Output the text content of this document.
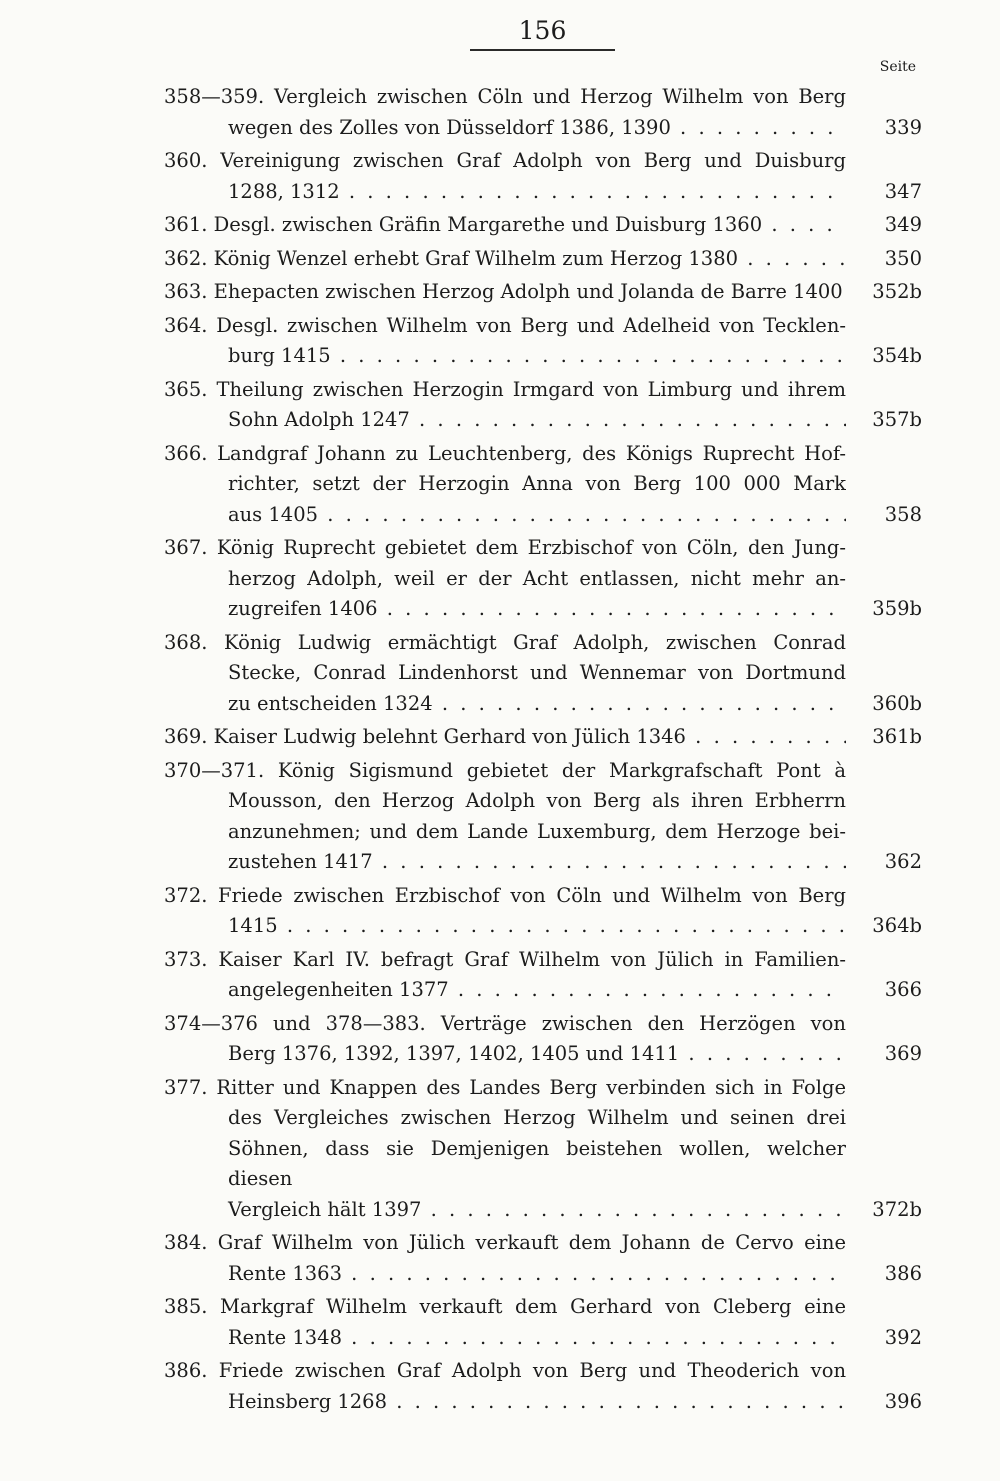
156
Seite
358—359. Vergleich zwischen Cöln und Herzog Wilhelm von Berg
wegen des Zolles von Düsseldorf 1386, 1390 . . .	339
360. Vereinigung zwischen Graf Adolph von Berg und Duisburg
1288, 1312 . . .	347
361. Desgl. zwischen Gräfin Margarethe und Duisburg 1360 . . .	349
362. König Wenzel erhebt Graf Wilhelm zum Herzog 1380 . . .	350
363. Ehepacten zwischen Herzog Adolph und Jolanda de Barre 1400 . . .	352b
364. Desgl. zwischen Wilhelm von Berg und Adelheid von Tecklen-
burg 1415 . . .	354b
365. Theilung zwischen Herzogin Irmgard von Limburg und ihrem
Sohn Adolph 1247 . . .	357b
366. Landgraf Johann zu Leuchtenberg, des Königs Ruprecht Hof-
richter, setzt der Herzogin Anna von Berg 100 000 Mark
aus 1405 . . .	358
367. König Ruprecht gebietet dem Erzbischof von Cöln, den Jung-
herzog Adolph, weil er der Acht entlassen, nicht mehr an-
zugreifen 1406 . . .	359b
368. König Ludwig ermächtigt Graf Adolph, zwischen Conrad
Stecke, Conrad Lindenhorst und Wennemar von Dortmund
zu entscheiden 1324 . . .	360b
369. Kaiser Ludwig belehnt Gerhard von Jülich 1346 . . .	361b
370—371. König Sigismund gebietet der Markgrafschaft Pont à
Mousson, den Herzog Adolph von Berg als ihren Erbherrn
anzunehmen; und dem Lande Luxemburg, dem Herzoge bei-
zustehen 1417 . . .	362
372. Friede zwischen Erzbischof von Cöln und Wilhelm von Berg
1415 . . .	364b
373. Kaiser Karl IV. befragt Graf Wilhelm von Jülich in Familien-
angelegenheiten 1377 . . .	366
374—376 und 378—383. Verträge zwischen den Herzögen von
Berg 1376, 1392, 1397, 1402, 1405 und 1411 . . .	369
377. Ritter und Knappen des Landes Berg verbinden sich in Folge
des Vergleiches zwischen Herzog Wilhelm und seinen drei
Söhnen, dass sie Demjenigen beistehen wollen, welcher diesen
Vergleich hält 1397 . . .	372b
384. Graf Wilhelm von Jülich verkauft dem Johann de Cervo eine
Rente 1363 . . .	386
385. Markgraf Wilhelm verkauft dem Gerhard von Cleberg eine
Rente 1348 . . .	392
386. Friede zwischen Graf Adolph von Berg und Theoderich von
Heinsberg 1268 . . .	396
